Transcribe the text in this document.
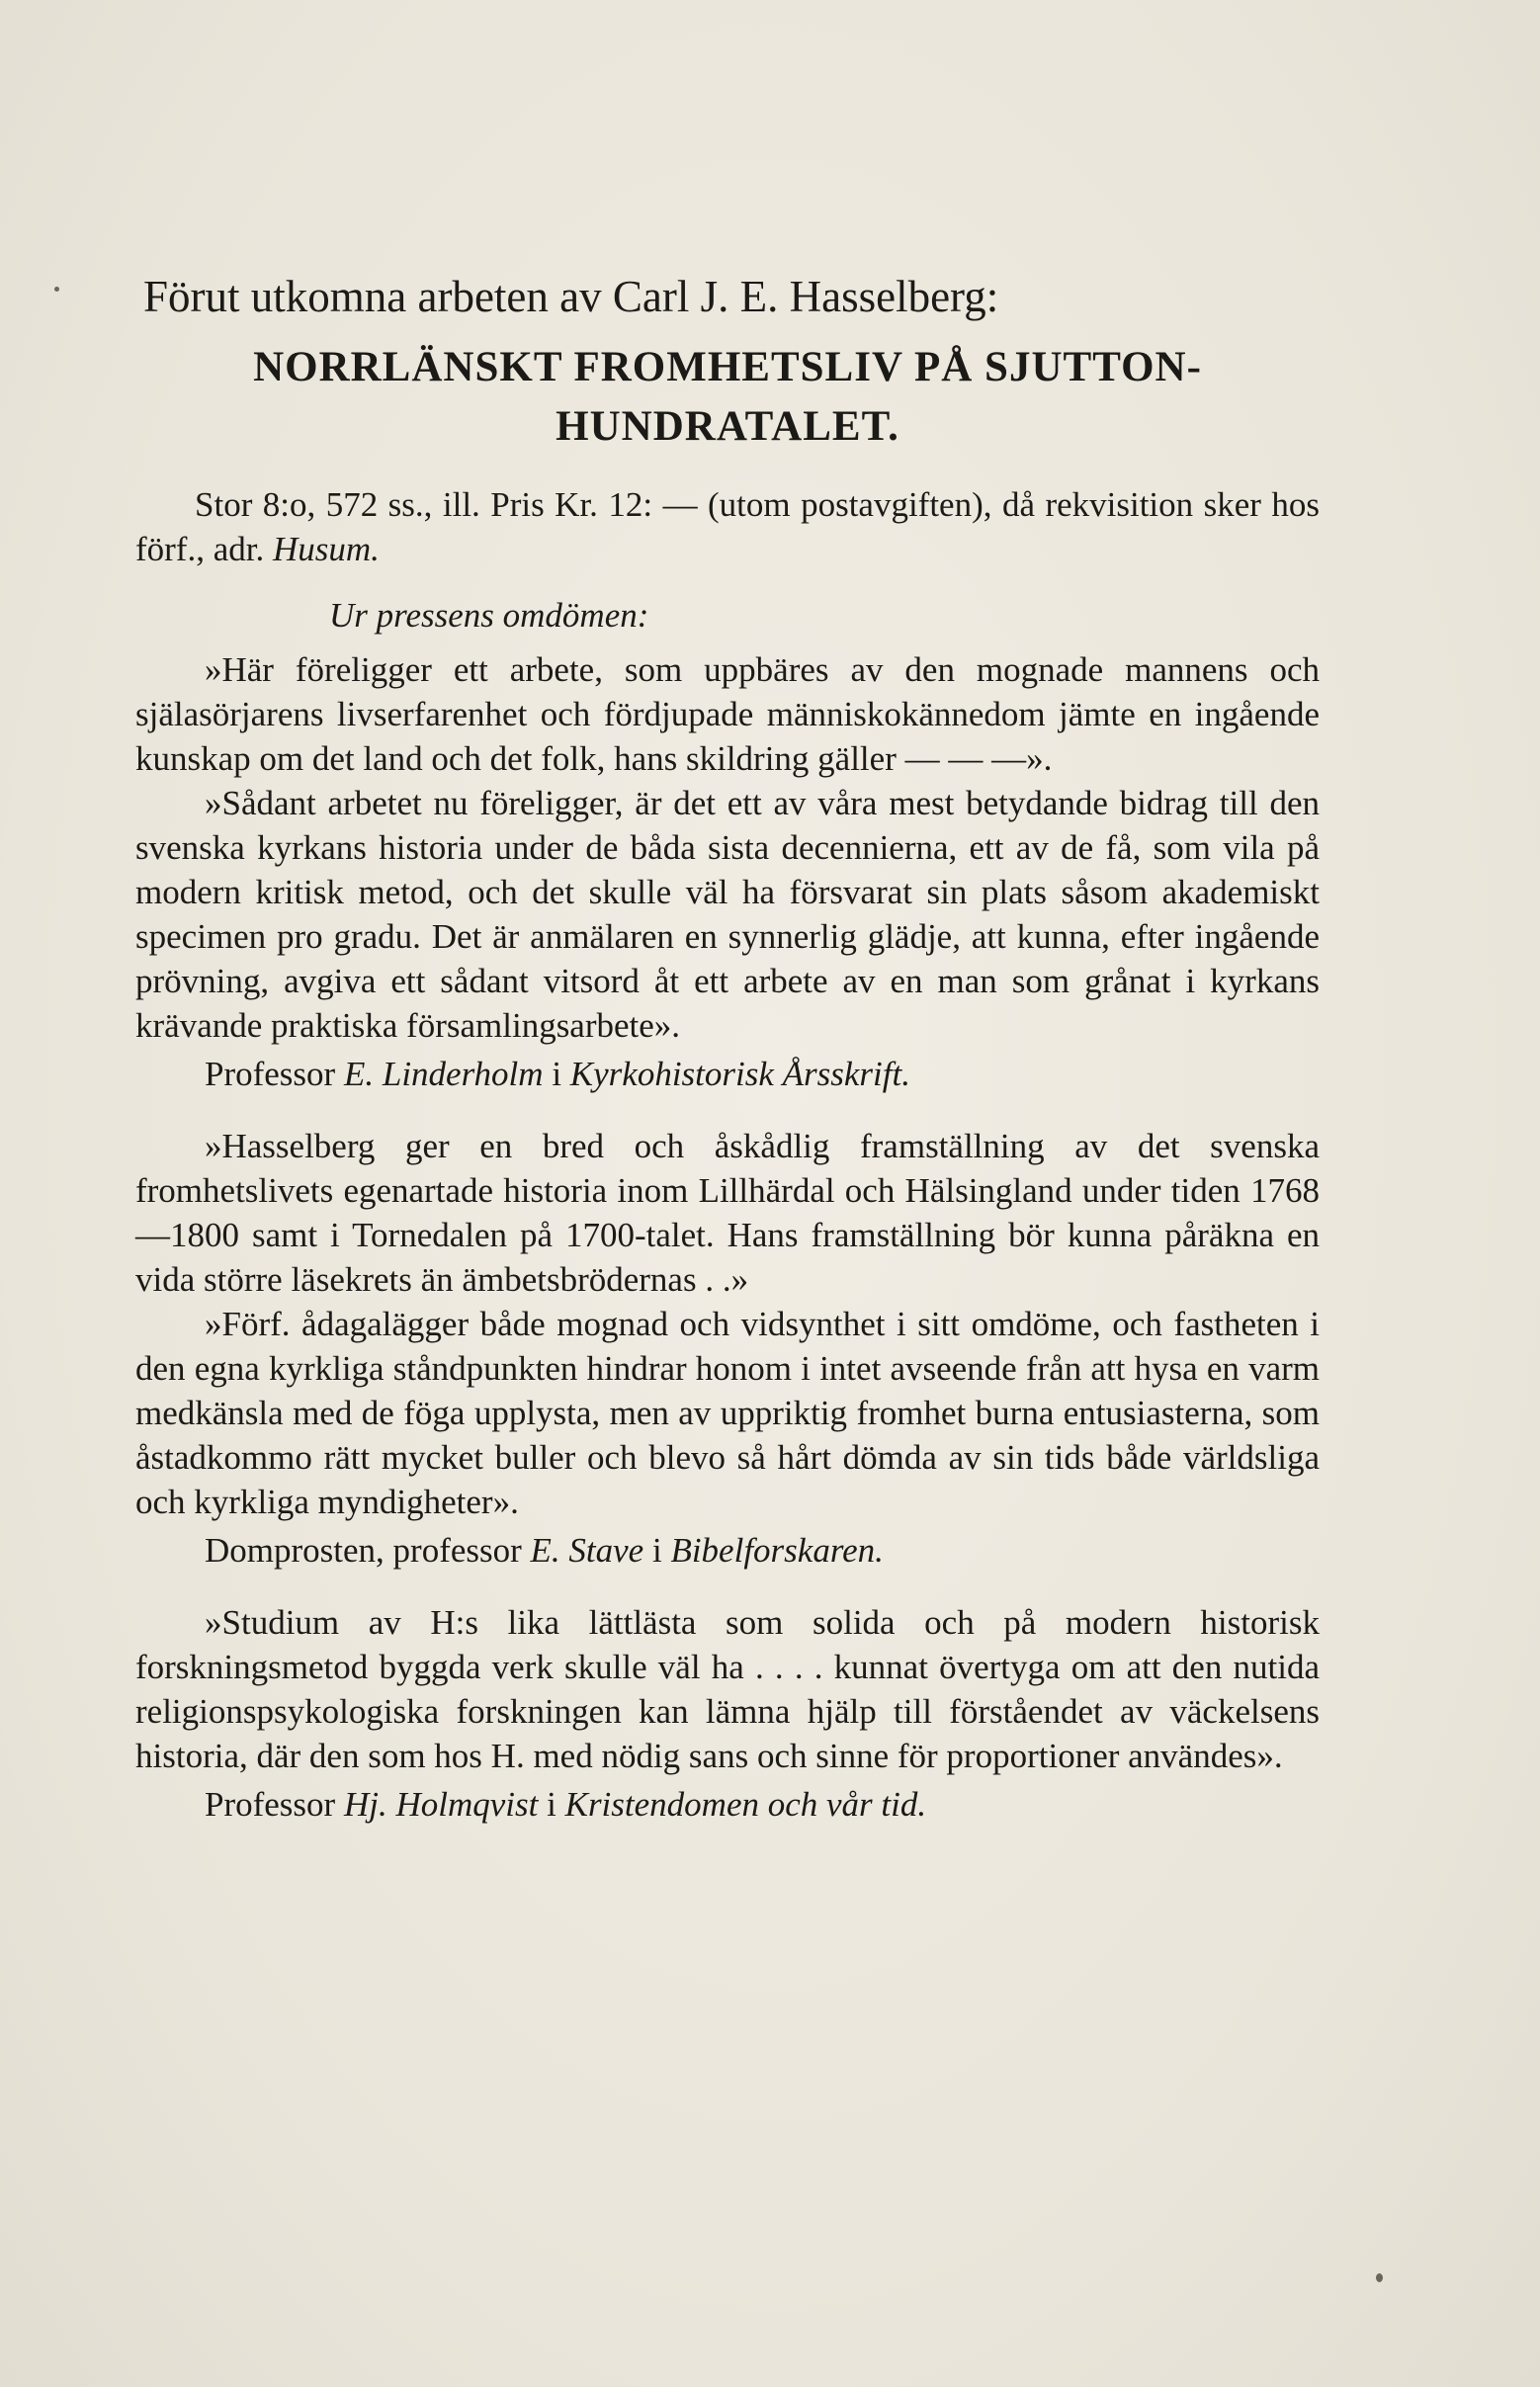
Förut utkomna arbeten av Carl J. E. Hasselberg:
NORRLÄNSKT FROMHETSLIV PÅ SJUTTON-
HUNDRATALET.

Stor 8:o, 572 ss., ill. Pris Kr. 12: — (utom postavgiften), då rekvisition sker hos förf., adr. Husum.

Ur pressens omdömen:

»Här föreligger ett arbete, som uppbäres av den mognade mannens och själasörjarens livserfarenhet och fördjupade människokännedom jämte en ingående kunskap om det land och det folk, hans skildring gäller — — —».

»Sådant arbetet nu föreligger, är det ett av våra mest betydande bidrag till den svenska kyrkans historia under de båda sista decennierna, ett av de få, som vila på modern kritisk metod, och det skulle väl ha försvarat sin plats såsom akademiskt specimen pro gradu. Det är anmälaren en synnerlig glädje, att kunna, efter ingående prövning, avgiva ett sådant vitsord åt ett arbete av en man som grånat i kyrkans krävande praktiska församlingsarbete».

Professor E. Linderholm i Kyrkohistorisk Årsskrift.

»Hasselberg ger en bred och åskådlig framställning av det svenska fromhetslivets egenartade historia inom Lillhärdal och Hälsingland under tiden 1768—1800 samt i Tornedalen på 1700-talet. Hans framställning bör kunna påräkna en vida större läsekrets än ämbetsbrödernas . .»

»Förf. ådagalägger både mognad och vidsynthet i sitt omdöme, och fastheten i den egna kyrkliga ståndpunkten hindrar honom i intet avseende från att hysa en varm medkänsla med de föga upplysta, men av uppriktig fromhet burna entusiasterna, som åstadkommo rätt mycket buller och blevo så hårt dömda av sin tids både världsliga och kyrkliga myndigheter».

Domprosten, professor E. Stave i Bibelforskaren.

»Studium av H:s lika lättlästa som solida och på modern historisk forskningsmetod byggda verk skulle väl ha . . . . kunnat övertyga om att den nutida religionspsykologiska forskningen kan lämna hjälp till förståendet av väckelsens historia, där den som hos H. med nödig sans och sinne för proportioner användes».

Professor Hj. Holmqvist i Kristendomen och vår tid.
